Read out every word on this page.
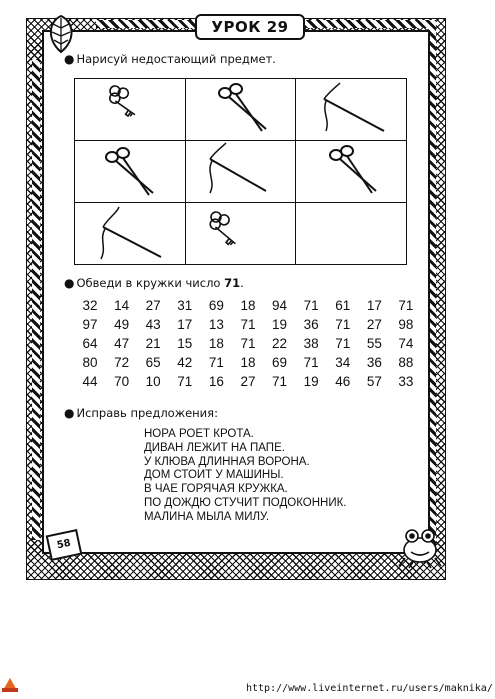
УРОК 29
● Нарисуй недостающий предмет.

● Обведи в кружки число 71.
32	14	27	31	69	18	94	71	61	17	71
97	49	43	17	13	71	19	36	71	27	98
64	47	21	15	18	71	22	38	71	55	74
80	72	65	42	71	18	69	71	34	36	88
44	70	10	71	16	27	71	19	46	57	33
● Исправь предложения:
НОРА РОЕТ КРОТА.
ДИВАН ЛЕЖИТ НА ПАПЕ.
У КЛЮВА ДЛИННАЯ ВОРОНА.
ДОМ СТОИТ У МАШИНЫ.
В ЧАЕ ГОРЯЧАЯ КРУЖКА.
ПО ДОЖДЮ СТУЧИТ ПОДОКОННИК.
МАЛИНА МЫЛА МИЛУ.
58
http://www.liveinternet.ru/users/maknika/
